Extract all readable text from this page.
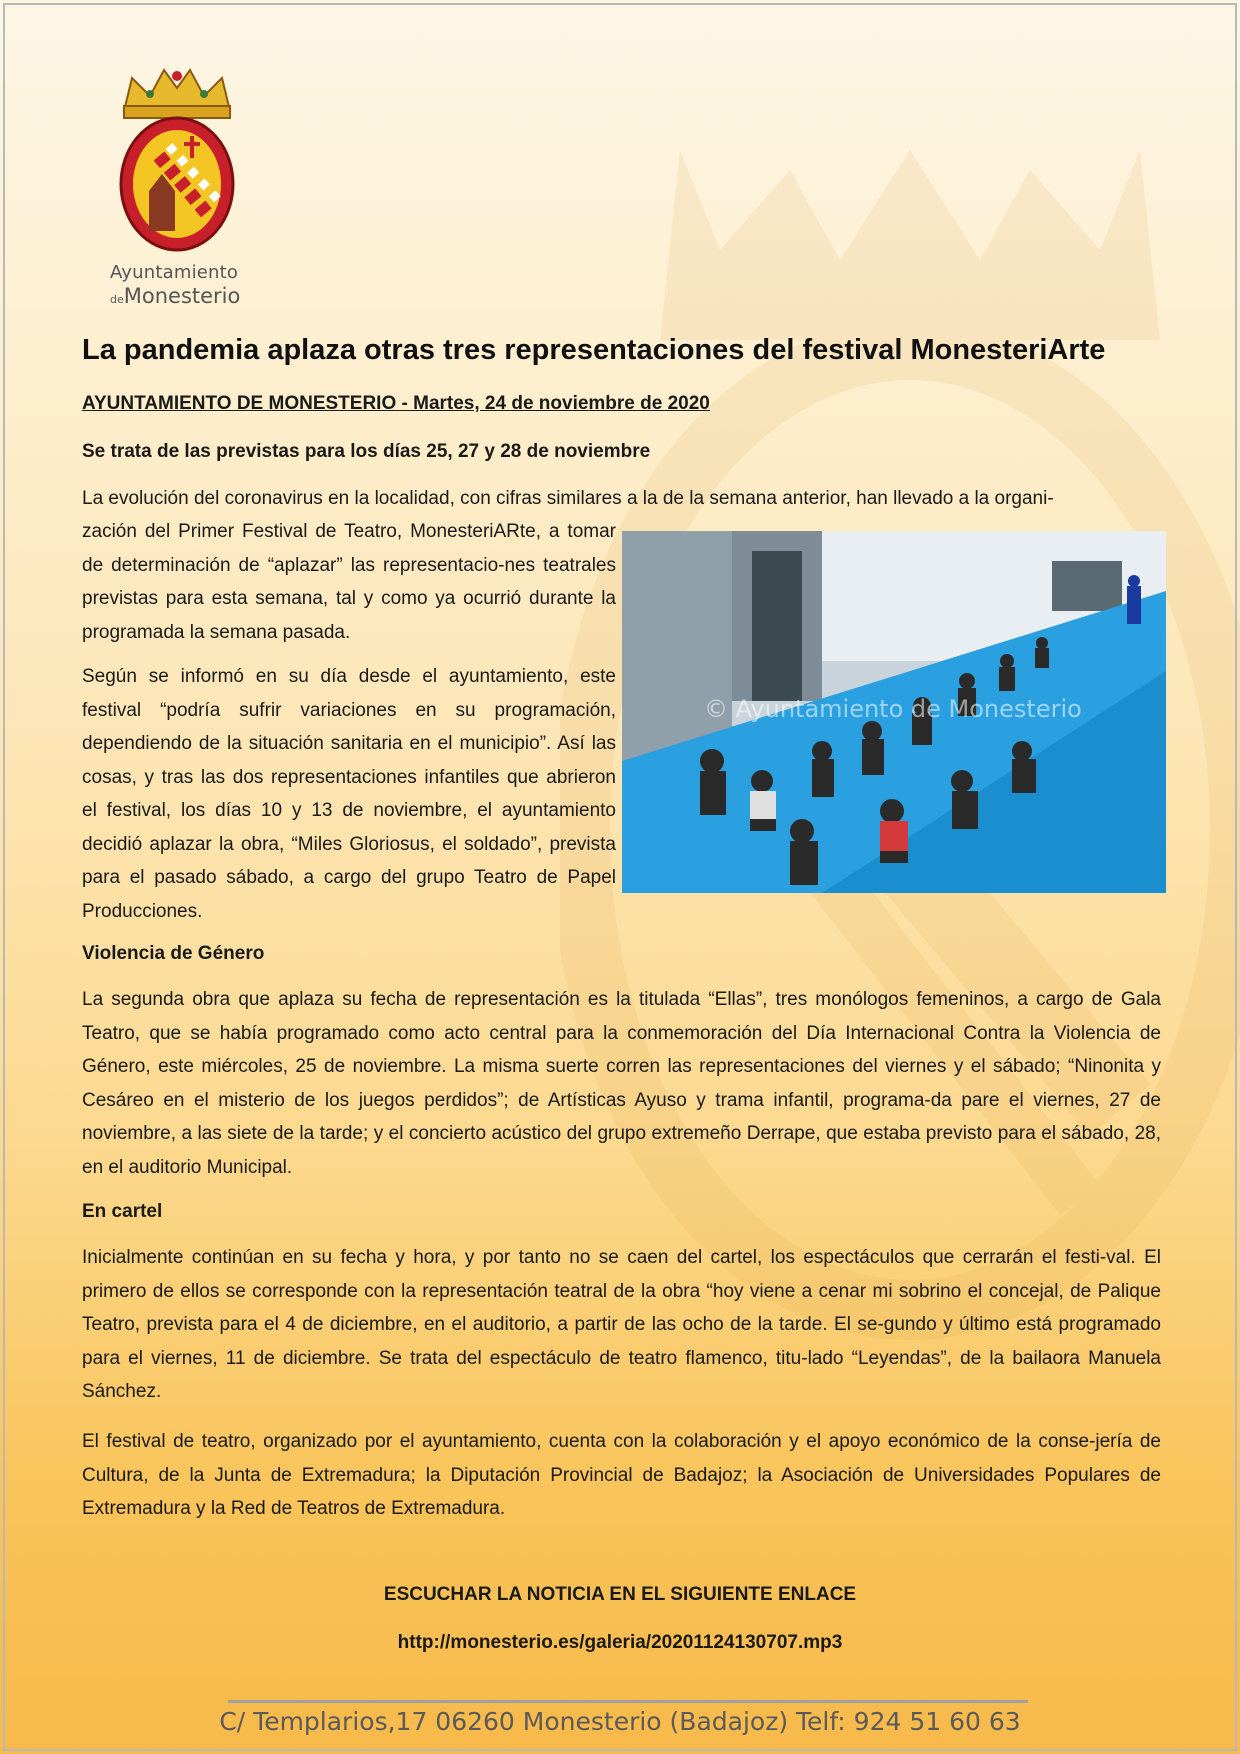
Ayuntamiento
deMonesterio
La pandemia aplaza otras tres representaciones del festival MonesteriArte
AYUNTAMIENTO DE MONESTERIO - Martes, 24 de noviembre de 2020
Se trata de las previstas para los días 25, 27 y 28 de noviembre

La evolución del coronavirus en la localidad, con cifras similares a la de la semana anterior, han llevado a la organi-

zación del Primer Festival de Teatro, MonesteriARte, a tomar de determinación de “aplazar” las representacio-nes teatrales previstas para esta semana, tal y como ya ocurrió durante la programada la semana pasada.

© Ayuntamiento de Monesterio

Según se informó en su día desde el ayuntamiento, este festival “podría sufrir variaciones en su programación, dependiendo de la situación sanitaria en el municipio”. Así las cosas, y tras las dos representaciones infantiles que abrieron el festival, los días 10 y 13 de noviembre, el ayuntamiento decidió aplazar la obra, “Miles Gloriosus, el soldado”, prevista para el pasado sábado, a cargo del grupo Teatro de Papel Producciones.

Violencia de Género

La segunda obra que aplaza su fecha de representación es la titulada “Ellas”, tres monólogos femeninos, a cargo de Gala Teatro, que se había programado como acto central para la conmemoración del Día Internacional Contra la Violencia de Género, este miércoles, 25 de noviembre. La misma suerte corren las representaciones del viernes y el sábado; “Ninonita y Cesáreo en el misterio de los juegos perdidos”; de Artísticas Ayuso y trama infantil, programa-da pare el viernes, 27 de noviembre, a las siete de la tarde; y el concierto acústico del grupo extremeño Derrape, que estaba previsto para el sábado, 28, en el auditorio Municipal.

En cartel

Inicialmente continúan en su fecha y hora, y por tanto no se caen del cartel, los espectáculos que cerrarán el festi-val. El primero de ellos se corresponde con la representación teatral de la obra “hoy viene a cenar mi sobrino el concejal, de Palique Teatro, prevista para el 4 de diciembre, en el auditorio, a partir de las ocho de la tarde. El se-gundo y último está programado para el viernes, 11 de diciembre. Se trata del espectáculo de teatro flamenco, titu-lado “Leyendas”, de la bailaora Manuela Sánchez.

El festival de teatro, organizado por el ayuntamiento, cuenta con la colaboración y el apoyo económico de la conse-jería de Cultura, de la Junta de Extremadura; la Diputación Provincial de Badajoz; la Asociación de Universidades Populares de Extremadura y la Red de Teatros de Extremadura.

ESCUCHAR LA NOTICIA EN EL SIGUIENTE ENLACE
http://monesterio.es/galeria/20201124130707.mp3
C/ Templarios,17 06260 Monesterio (Badajoz) Telf: 924 51 60 63
